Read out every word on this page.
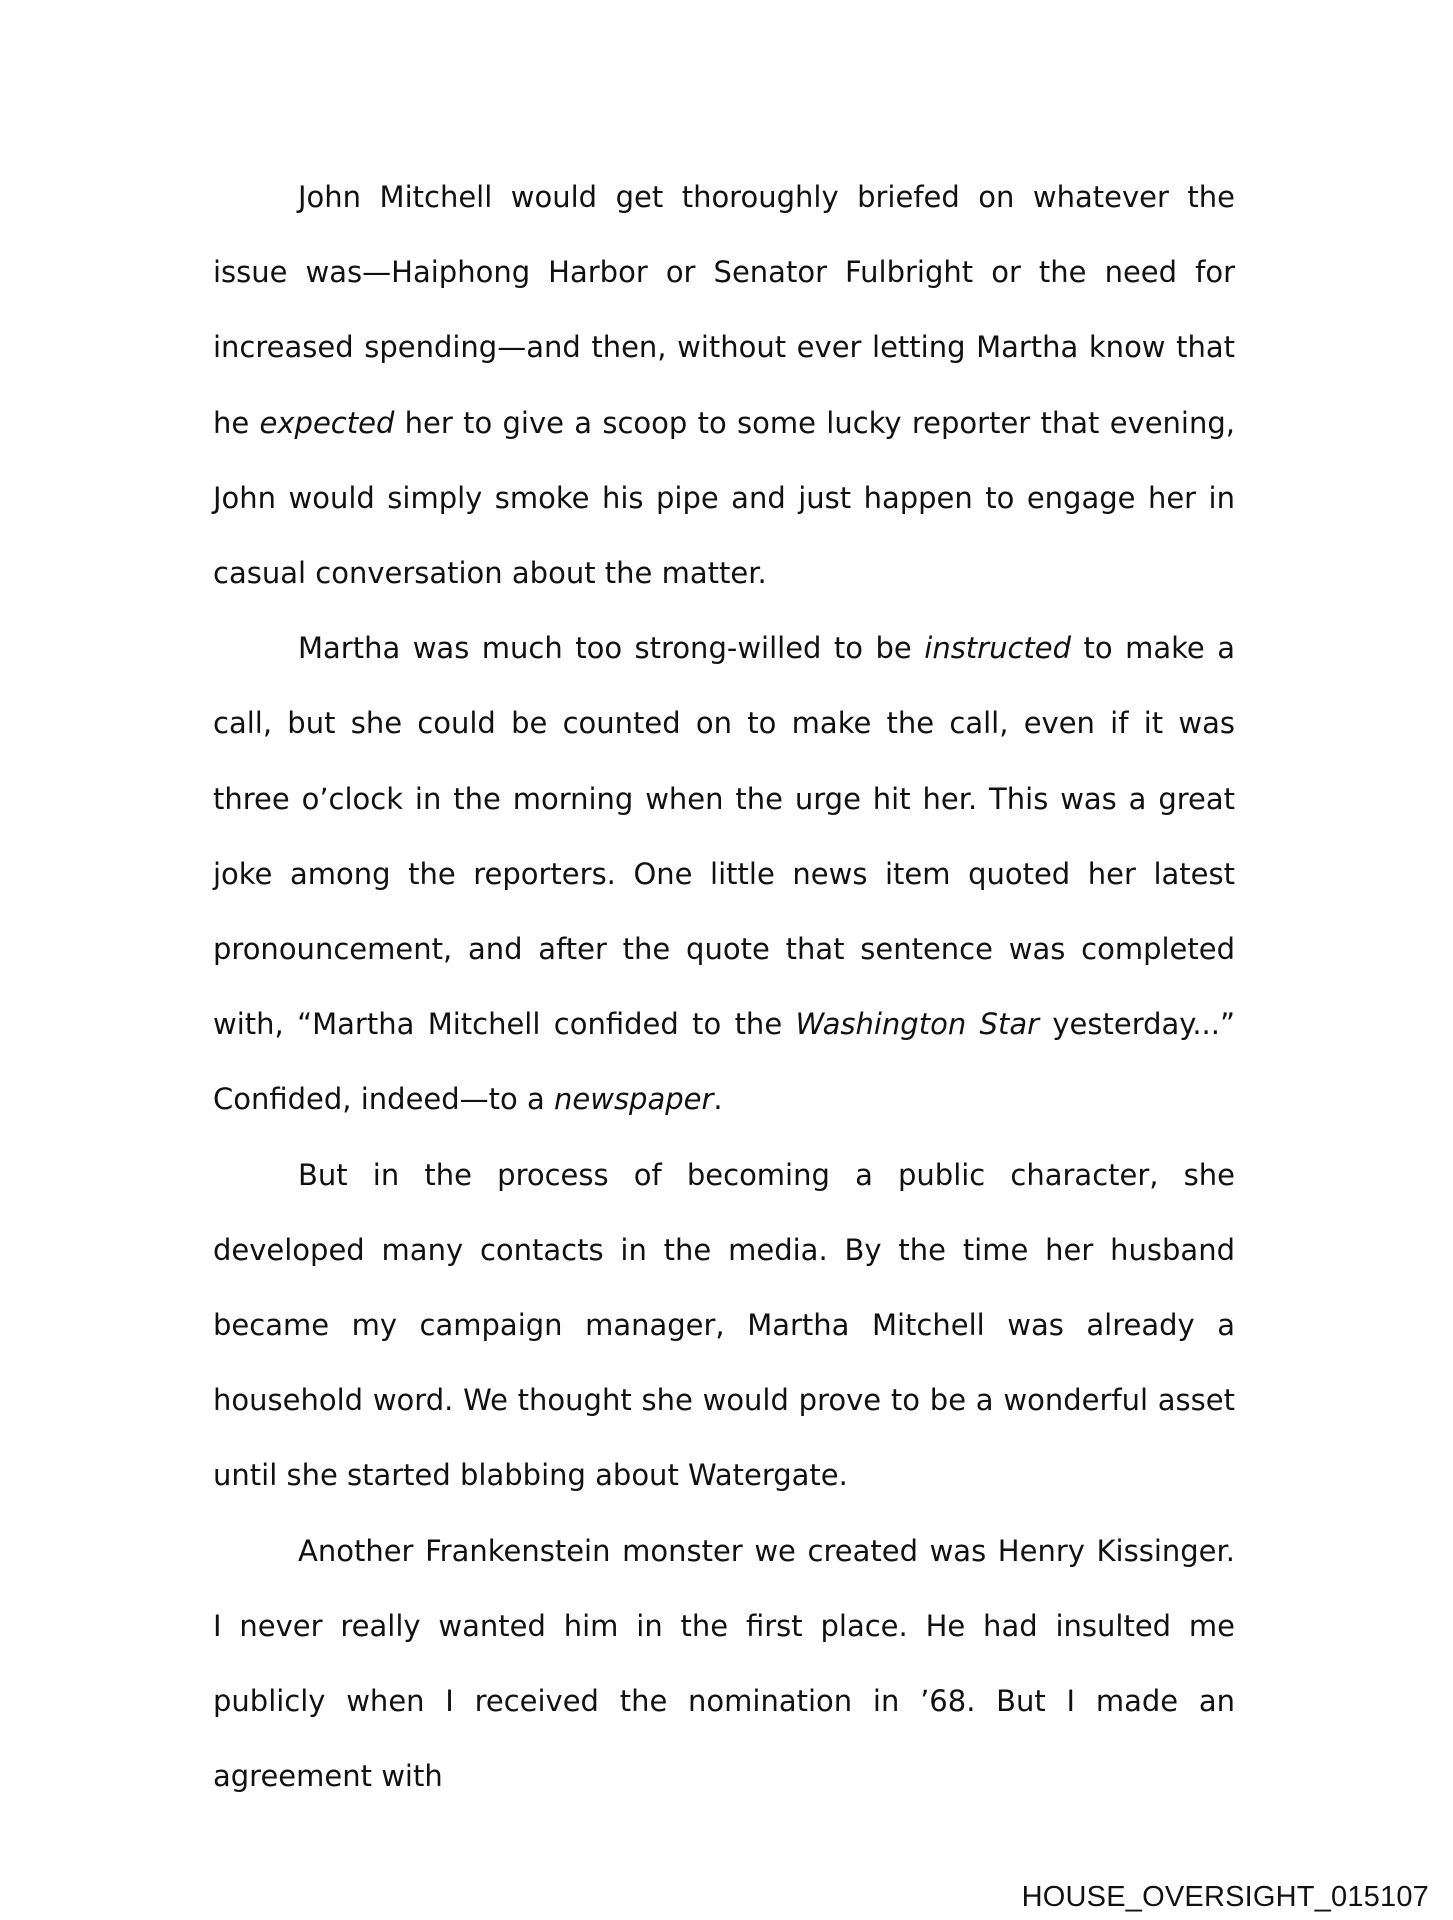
John Mitchell would get thoroughly briefed on whatever the issue was—Haiphong Harbor or Senator Fulbright or the need for increased spending—and then, without ever letting Martha know that he expected her to give a scoop to some lucky reporter that evening, John would simply smoke his pipe and just happen to engage her in casual conversation about the matter.

Martha was much too strong-willed to be instructed to make a call, but she could be counted on to make the call, even if it was three o’clock in the morning when the urge hit her. This was a great joke among the reporters. One little news item quoted her latest pronouncement, and after the quote that sentence was completed with, “Martha Mitchell confided to the Washington Star yesterday...” Confided, indeed—to a newspaper.

But in the process of becoming a public character, she developed many contacts in the media. By the time her husband became my campaign manager, Martha Mitchell was already a household word. We thought she would prove to be a wonderful asset until she started blabbing about Watergate.

Another Frankenstein monster we created was Henry Kissinger. I never really wanted him in the first place. He had insulted me publicly when I received the nomination in ’68. But I made an agreement with

HOUSE_OVERSIGHT_015107
